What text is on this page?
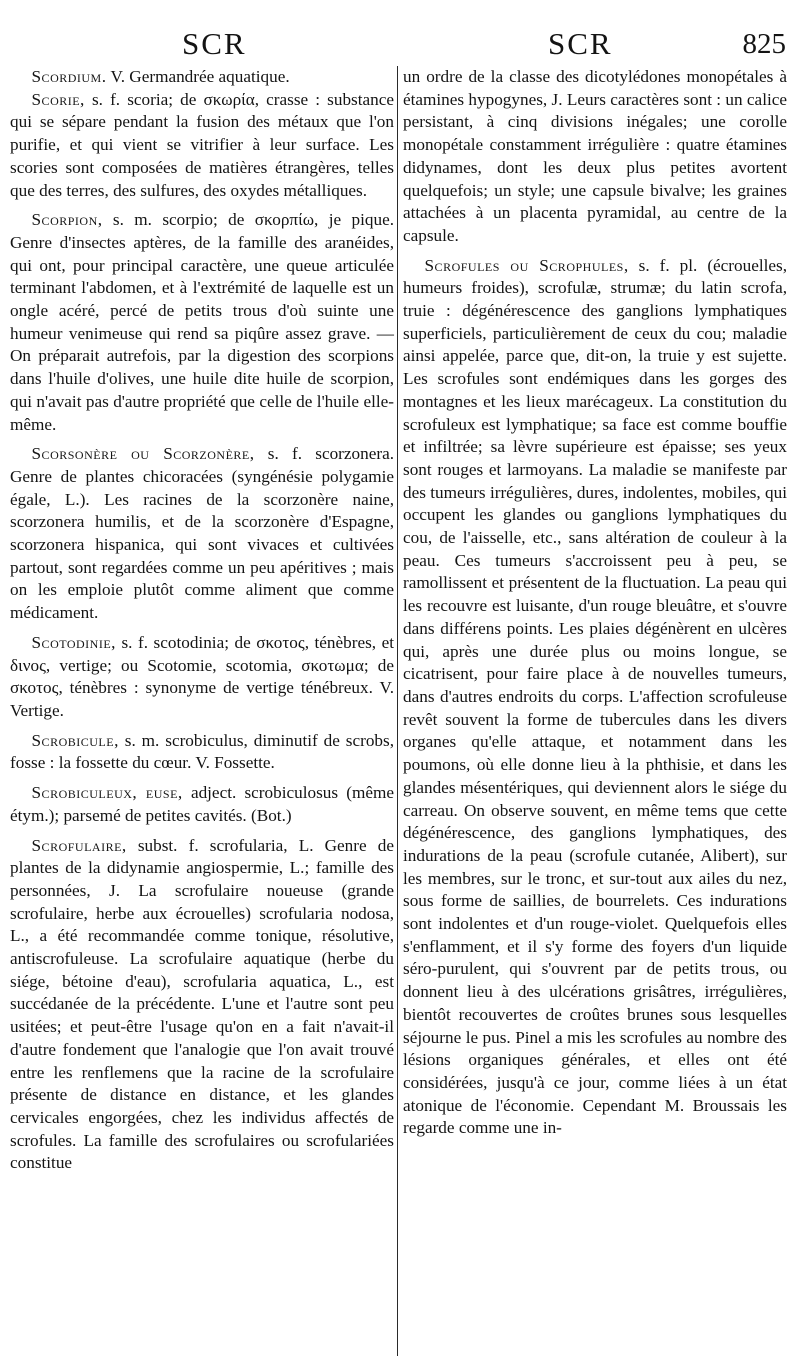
SCR	SCR	825

Scordium. V. Germandrée aquatique.

Scorie, s. f. scoria; de σκωρία, crasse : substance qui se sépare pendant la fusion des métaux que l'on purifie, et qui vient se vitrifier à leur surface. Les scories sont composées de matières étrangères, telles que des terres, des sulfures, des oxydes métalliques.

Scorpion, s. m. scorpio; de σκορπίω, je pique. Genre d'insectes aptères, de la famille des aranéides, qui ont, pour principal caractère, une queue articulée terminant l'abdomen, et à l'extrémité de laquelle est un ongle acéré, percé de petits trous d'où suinte une humeur venimeuse qui rend sa piqûre assez grave. — On préparait autrefois, par la digestion des scorpions dans l'huile d'olives, une huile dite huile de scorpion, qui n'avait pas d'autre propriété que celle de l'huile elle-même.

Scorsonère ou Scorzonère, s. f. scorzonera. Genre de plantes chicoracées (syngénésie polygamie égale, L.). Les racines de la scorzonère naine, scorzonera humilis, et de la scorzonère d'Espagne, scorzonera hispanica, qui sont vivaces et cultivées partout, sont regardées comme un peu apéritives ; mais on les emploie plutôt comme aliment que comme médicament.

Scotodinie, s. f. scotodinia; de σκοτος, ténèbres, et δινος, vertige; ou Scotomie, scotomia, σκοτωμα; de σκοτος, ténèbres : synonyme de vertige ténébreux. V. Vertige.

Scrobicule, s. m. scrobiculus, diminutif de scrobs, fosse : la fossette du cœur. V. Fossette.

Scrobiculeux, euse, adject. scrobiculosus (même étym.); parsemé de petites cavités. (Bot.)

Scrofulaire, subst. f. scrofularia, L. Genre de plantes de la didynamie angiospermie, L.; famille des personnées, J. La scrofulaire noueuse (grande scrofulaire, herbe aux écrouelles) scrofularia nodosa, L., a été recommandée comme tonique, résolutive, antiscrofuleuse. La scrofulaire aquatique (herbe du siége, bétoine d'eau), scrofularia aquatica, L., est succédanée de la précédente. L'une et l'autre sont peu usitées; et peut-être l'usage qu'on en a fait n'avait-il d'autre fondement que l'analogie que l'on avait trouvé entre les renflemens que la racine de la scrofulaire présente de distance en distance, et les glandes cervicales engorgées, chez les individus affectés de scrofules. La famille des scrofulaires ou scrofulariées constitue

un ordre de la classe des dicotylédones monopétales à étamines hypogynes, J. Leurs caractères sont : un calice persistant, à cinq divisions inégales; une corolle monopétale constamment irrégulière : quatre étamines didynames, dont les deux plus petites avortent quelquefois; un style; une capsule bivalve; les graines attachées à un placenta pyramidal, au centre de la capsule.

Scrofules ou Scrophules, s. f. pl. (écrouelles, humeurs froides), scrofulæ, strumæ; du latin scrofa, truie : dégénérescence des ganglions lymphatiques superficiels, particulièrement de ceux du cou; maladie ainsi appelée, parce que, dit-on, la truie y est sujette. Les scrofules sont endémiques dans les gorges des montagnes et les lieux marécageux. La constitution du scrofuleux est lymphatique; sa face est comme bouffie et infiltrée; sa lèvre supérieure est épaisse; ses yeux sont rouges et larmoyans. La maladie se manifeste par des tumeurs irrégulières, dures, indolentes, mobiles, qui occupent les glandes ou ganglions lymphatiques du cou, de l'aisselle, etc., sans altération de couleur à la peau. Ces tumeurs s'accroissent peu à peu, se ramollissent et présentent de la fluctuation. La peau qui les recouvre est luisante, d'un rouge bleuâtre, et s'ouvre dans différens points. Les plaies dégénèrent en ulcères qui, après une durée plus ou moins longue, se cicatrisent, pour faire place à de nouvelles tumeurs, dans d'autres endroits du corps. L'affection scrofuleuse revêt souvent la forme de tubercules dans les divers organes qu'elle attaque, et notamment dans les poumons, où elle donne lieu à la phthisie, et dans les glandes mésentériques, qui deviennent alors le siége du carreau. On observe souvent, en même tems que cette dégénérescence, des ganglions lymphatiques, des indurations de la peau (scrofule cutanée, Alibert), sur les membres, sur le tronc, et sur-tout aux ailes du nez, sous forme de saillies, de bourrelets. Ces indurations sont indolentes et d'un rouge-violet. Quelquefois elles s'enflamment, et il s'y forme des foyers d'un liquide séro-purulent, qui s'ouvrent par de petits trous, ou donnent lieu à des ulcérations grisâtres, irrégulières, bientôt recouvertes de croûtes brunes sous lesquelles séjourne le pus. Pinel a mis les scrofules au nombre des lésions organiques générales, et elles ont été considérées, jusqu'à ce jour, comme liées à un état atonique de l'économie. Cependant M. Broussais les regarde comme une in-
